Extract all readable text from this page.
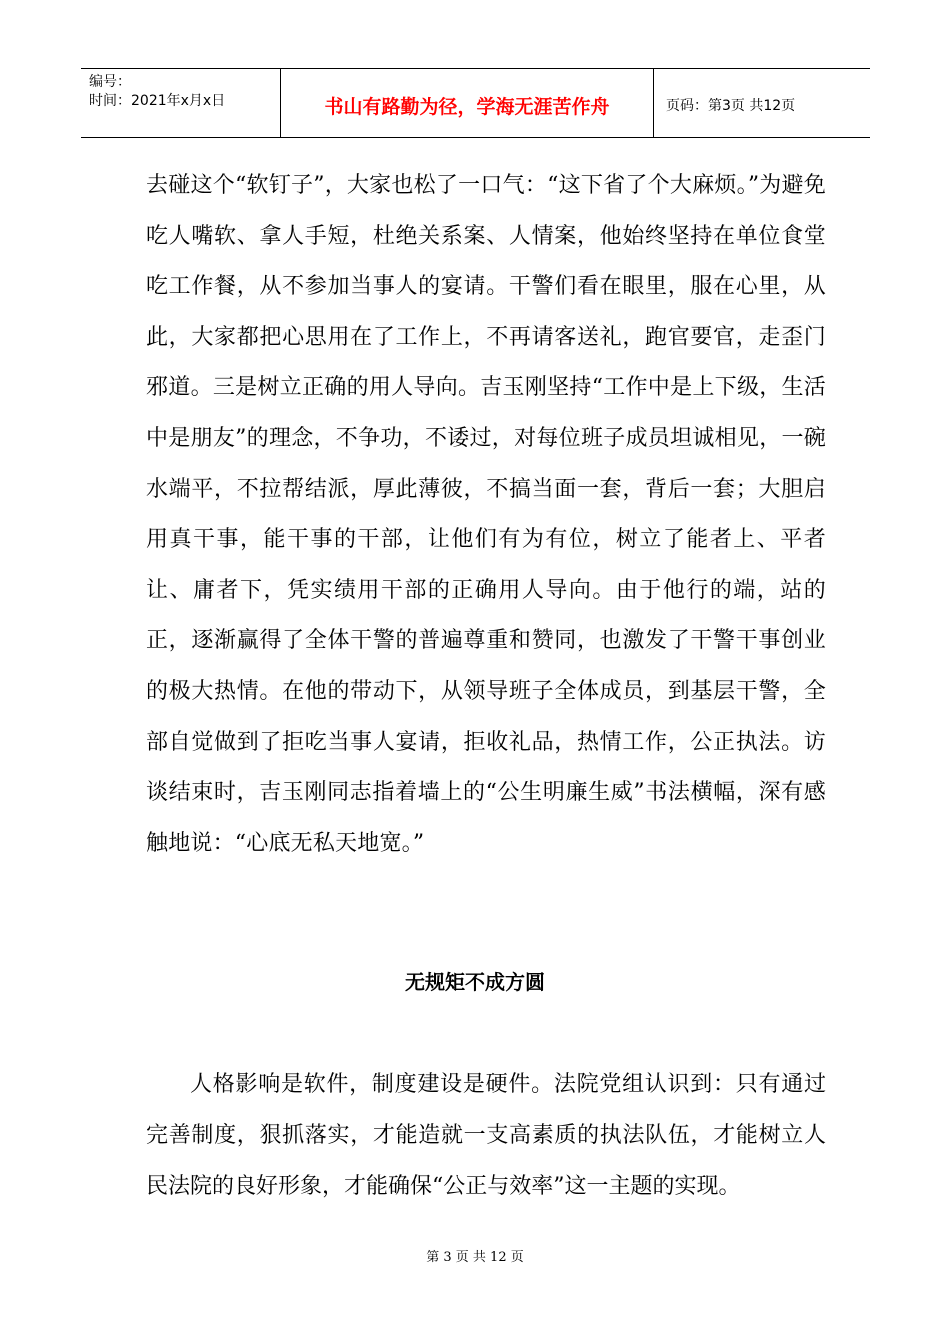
编号：
时间：2021年x月x日	书山有路勤为径，学海无涯苦作舟	页码：第3页 共12页

去碰这个“软钉子”，大家也松了一口气：“这下省了个大麻烦。”为避免吃人嘴软、拿人手短，杜绝关系案、人情案，他始终坚持在单位食堂吃工作餐，从不参加当事人的宴请。干警们看在眼里，服在心里，从此，大家都把心思用在了工作上，不再请客送礼，跑官要官，走歪门邪道。三是树立正确的用人导向。吉玉刚坚持“工作中是上下级，生活中是朋友”的理念，不争功，不诿过，对每位班子成员坦诚相见，一碗水端平，不拉帮结派，厚此薄彼，不搞当面一套，背后一套；大胆启用真干事，能干事的干部，让他们有为有位，树立了能者上、平者让、庸者下，凭实绩用干部的正确用人导向。由于他行的端，站的正，逐渐赢得了全体干警的普遍尊重和赞同，也激发了干警干事创业的极大热情。在他的带动下，从领导班子全体成员，到基层干警，全部自觉做到了拒吃当事人宴请，拒收礼品，热情工作，公正执法。访谈结束时，吉玉刚同志指着墙上的“公生明廉生威”书法横幅，深有感触地说：“心底无私天地宽。”

无规矩不成方圆

人格影响是软件，制度建设是硬件。法院党组认识到：只有通过完善制度，狠抓落实，才能造就一支高素质的执法队伍，才能树立人民法院的良好形象，才能确保“公正与效率”这一主题的实现。

第 3 页 共 12 页
